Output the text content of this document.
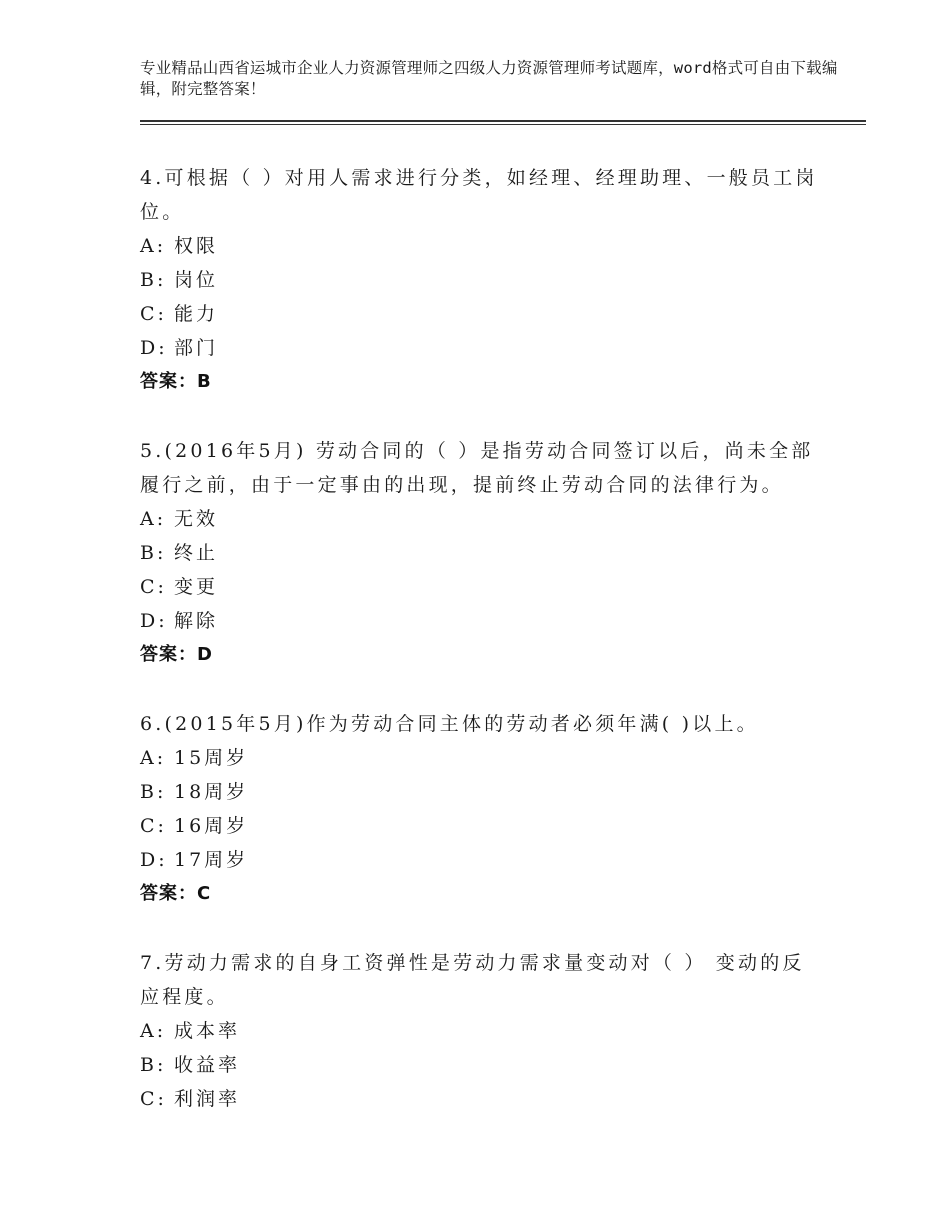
专业精品山西省运城市企业人力资源管理师之四级人力资源管理师考试题库，word格式可自由下载编辑，附完整答案！

4.可根据（ ）对用人需求进行分类，如经理、经理助理、一般员工岗位。

A: 权限
B: 岗位
C: 能力
D: 部门
答案：B

5.(2016年5月) 劳动合同的（ ）是指劳动合同签订以后，尚未全部履行之前，由于一定事由的出现，提前终止劳动合同的法律行为。

A: 无效
B: 终止
C: 变更
D: 解除
答案：D

6.(2015年5月)作为劳动合同主体的劳动者必须年满( )以上。

A: 15周岁
B: 18周岁
C: 16周岁
D: 17周岁
答案：C

7.劳动力需求的自身工资弹性是劳动力需求量变动对（ ） 变动的反应程度。

A: 成本率
B: 收益率
C: 利润率
